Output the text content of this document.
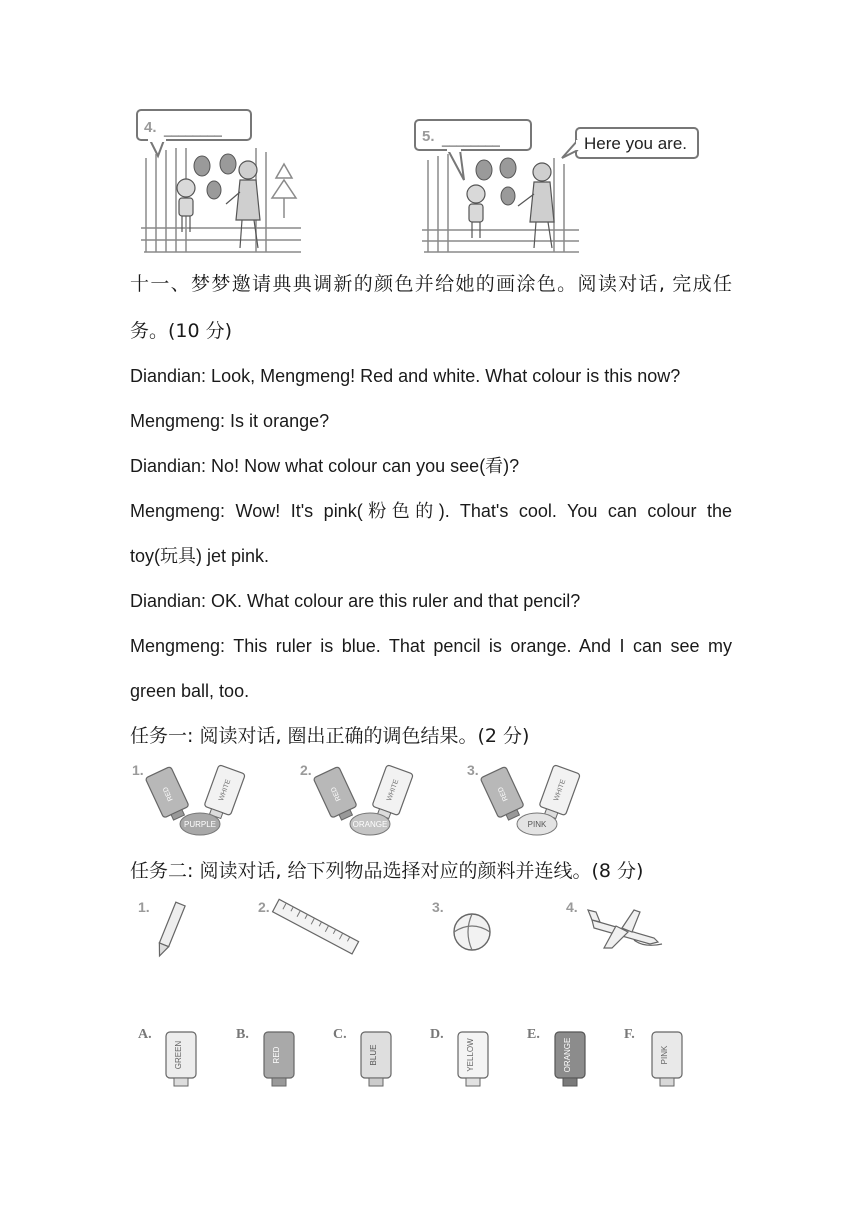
4. ________	5. ________	Here you are.
十一、梦梦邀请典典调新的颜色并给她的画涂色。阅读对话, 完成任
务。(10 分)
Diandian: Look, Mengmeng! Red and white. What colour is this now?
Mengmeng: Is it orange?
Diandian: No! Now what colour can you see(看)?
Mengmeng: Wow! It's pink(粉色的). That's cool. You can colour the
toy(玩具) jet pink.
Diandian: OK. What colour are this ruler and that pencil?
Mengmeng: This ruler is blue. That pencil is orange. And I can see my
green ball, too.
任务一: 阅读对话, 圈出正确的调色结果。(2 分)
1.
RED	WHITE
PURPLE
2.
RED	WHITE
ORANGE
3.
RED	WHITE
PINK
任务二: 阅读对话, 给下列物品选择对应的颜料并连线。(8 分)
1.	2.	3.	4.
A.
GREEN
B.
RED
C.
BLUE
D.
YELLOW
E.
ORANGE
F.
PINK
